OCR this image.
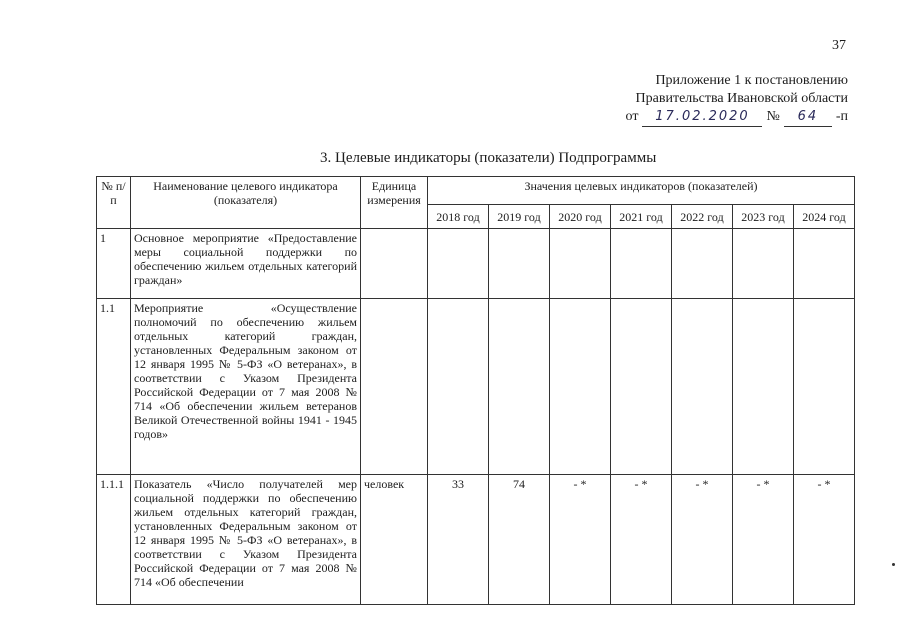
37
Приложение 1 к постановлению
Правительства Ивановской области
от	17.02.2020	№	64	-п
3. Целевые индикаторы (показатели) Подпрограммы
№ п/п	Наименование целевого индикатора (показателя)	Единица измерения	Значения целевых индикаторов (показателей)						
			2018 год	2019 год	2020 год	2021 год	2022 год	2023 год	2024 год
1	Основное мероприятие «Предоставление меры социальной поддержки по обеспечению жильем отдельных категорий граждан»								
1.1	Мероприятие «Осуществление полномочий по обеспечению жильем отдельных категорий граждан, установленных Федеральным законом от 12 января 1995 № 5-ФЗ «О ветеранах», в соответствии с Указом Президента Российской Федерации от 7 мая 2008 № 714 «Об обеспечении жильем ветеранов Великой Отечественной войны 1941 - 1945 годов»								
1.1.1	Показатель «Число получателей мер социальной поддержки по обеспечению жильем отдельных категорий граждан, установленных Федеральным законом от 12 января 1995 № 5-ФЗ «О ветеранах», в соответствии с Указом Президента Российской Федерации от 7 мая 2008 № 714 «Об обеспечении	человек	33	74	- *	- *	- *	- *	- *
